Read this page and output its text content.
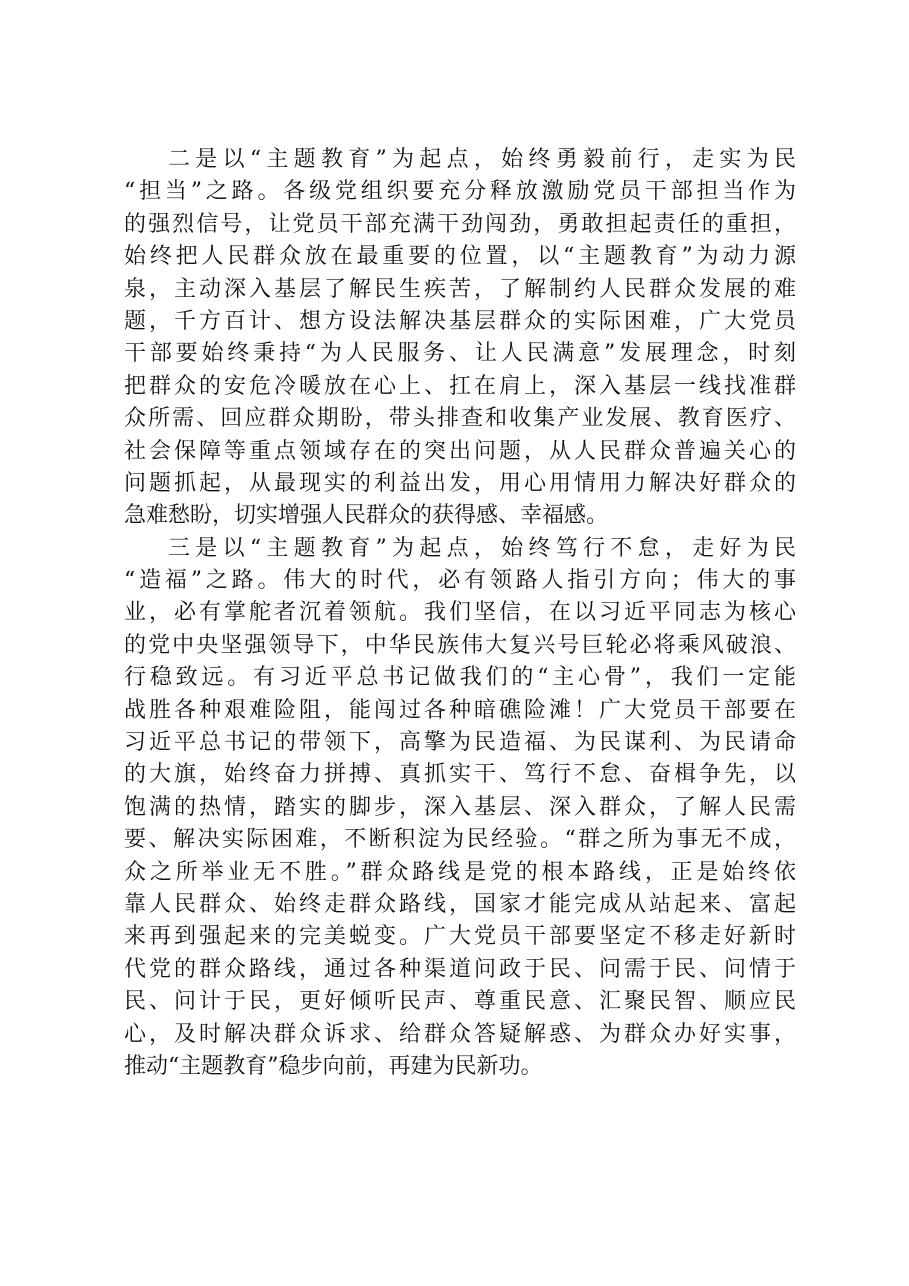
二是以“主题教育”为起点，始终勇毅前行，走实为民
“担当”之路。各级党组织要充分释放激励党员干部担当作为
的强烈信号，让党员干部充满干劲闯劲，勇敢担起责任的重担，
始终把人民群众放在最重要的位置，以“主题教育”为动力源
泉，主动深入基层了解民生疾苦，了解制约人民群众发展的难
题，千方百计、想方设法解决基层群众的实际困难，广大党员
干部要始终秉持“为人民服务、让人民满意”发展理念，时刻
把群众的安危冷暖放在心上、扛在肩上，深入基层一线找准群
众所需、回应群众期盼，带头排查和收集产业发展、教育医疗、
社会保障等重点领域存在的突出问题，从人民群众普遍关心的
问题抓起，从最现实的利益出发，用心用情用力解决好群众的
急难愁盼，切实增强人民群众的获得感、幸福感。
三是以“主题教育”为起点，始终笃行不怠，走好为民
“造福”之路。伟大的时代，必有领路人指引方向；伟大的事
业，必有掌舵者沉着领航。我们坚信，在以习近平同志为核心
的党中央坚强领导下，中华民族伟大复兴号巨轮必将乘风破浪、
行稳致远。有习近平总书记做我们的“主心骨”，我们一定能
战胜各种艰难险阻，能闯过各种暗礁险滩！广大党员干部要在
习近平总书记的带领下，高擎为民造福、为民谋利、为民请命
的大旗，始终奋力拼搏、真抓实干、笃行不怠、奋楫争先，以
饱满的热情，踏实的脚步，深入基层、深入群众，了解人民需
要、解决实际困难，不断积淀为民经验。“群之所为事无不成，
众之所举业无不胜。”群众路线是党的根本路线，正是始终依
靠人民群众、始终走群众路线，国家才能完成从站起来、富起
来再到强起来的完美蜕变。广大党员干部要坚定不移走好新时
代党的群众路线，通过各种渠道问政于民、问需于民、问情于
民、问计于民，更好倾听民声、尊重民意、汇聚民智、顺应民
心，及时解决群众诉求、给群众答疑解惑、为群众办好实事，
推动“主题教育”稳步向前，再建为民新功。
